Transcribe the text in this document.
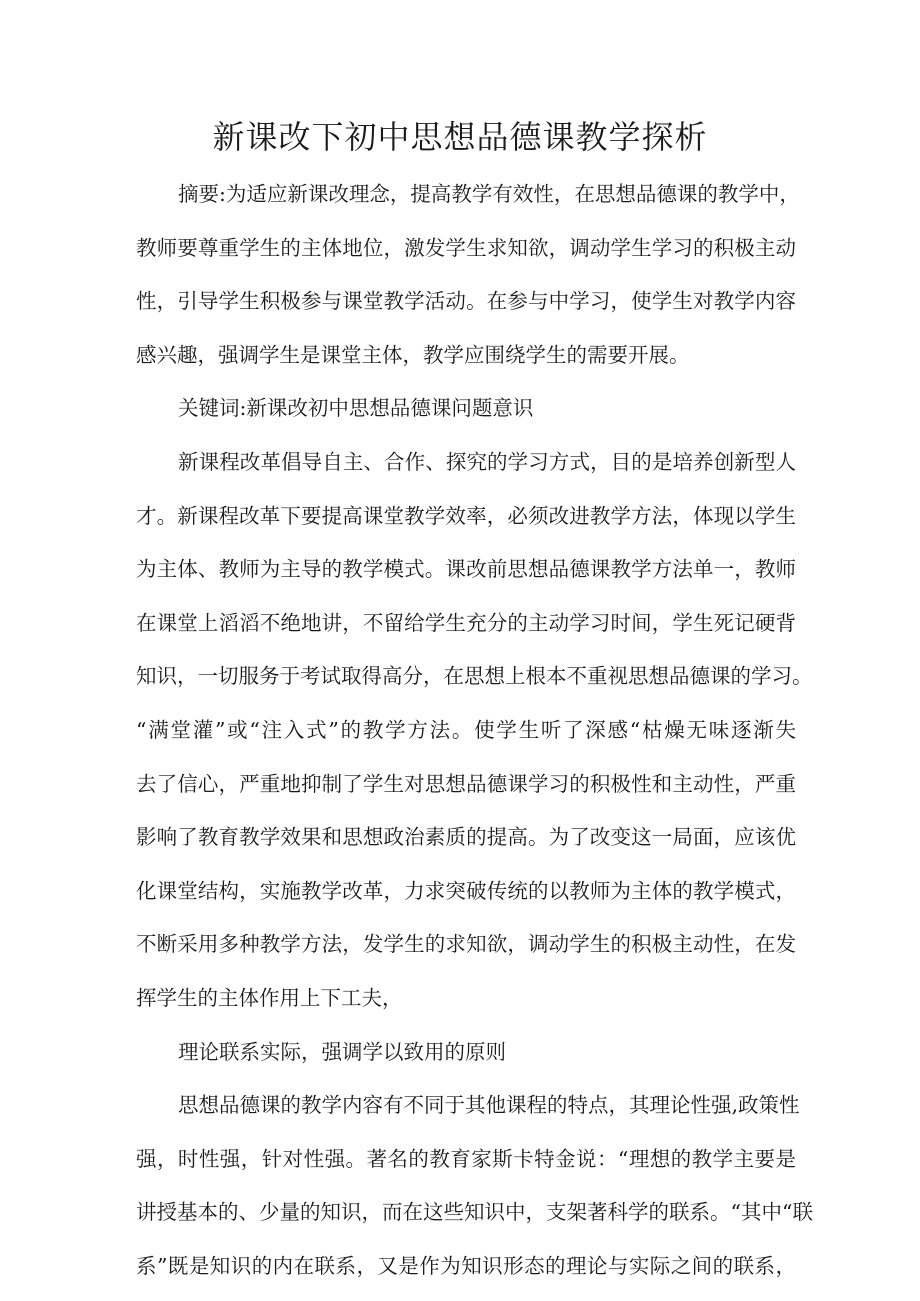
新课改下初中思想品德课教学探析
摘要:为适应新课改理念，提高教学有效性，在思想品德课的教学中，
教师要尊重学生的主体地位，激发学生求知欲，调动学生学习的积极主动
性，引导学生积极参与课堂教学活动。在参与中学习，使学生对教学内容
感兴趣，强调学生是课堂主体，教学应围绕学生的需要开展。
关键词:新课改初中思想品德课问题意识
新课程改革倡导自主、合作、探究的学习方式，目的是培养创新型人
才。新课程改革下要提高课堂教学效率，必须改进教学方法，体现以学生
为主体、教师为主导的教学模式。课改前思想品德课教学方法单一，教师
在课堂上滔滔不绝地讲，不留给学生充分的主动学习时间，学生死记硬背
知识，一切服务于考试取得高分，在思想上根本不重视思想品德课的学习。
“满堂灌”或“注入式”的教学方法。使学生听了深感“枯燥无味逐渐失
去了信心，严重地抑制了学生对思想品德课学习的积极性和主动性，严重
影响了教育教学效果和思想政治素质的提高。为了改变这一局面，应该优
化课堂结构，实施教学改革，力求突破传统的以教师为主体的教学模式，
不断采用多种教学方法，发学生的求知欲，调动学生的积极主动性，在发
挥学生的主体作用上下工夫，
理论联系实际，强调学以致用的原则
思想品德课的教学内容有不同于其他课程的特点，其理论性强,政策性
强，时性强，针对性强。著名的教育家斯卡特金说：“理想的教学主要是
讲授基本的、少量的知识，而在这些知识中，支架著科学的联系。“其中“联
系”既是知识的内在联系，又是作为知识形态的理论与实际之间的联系，
